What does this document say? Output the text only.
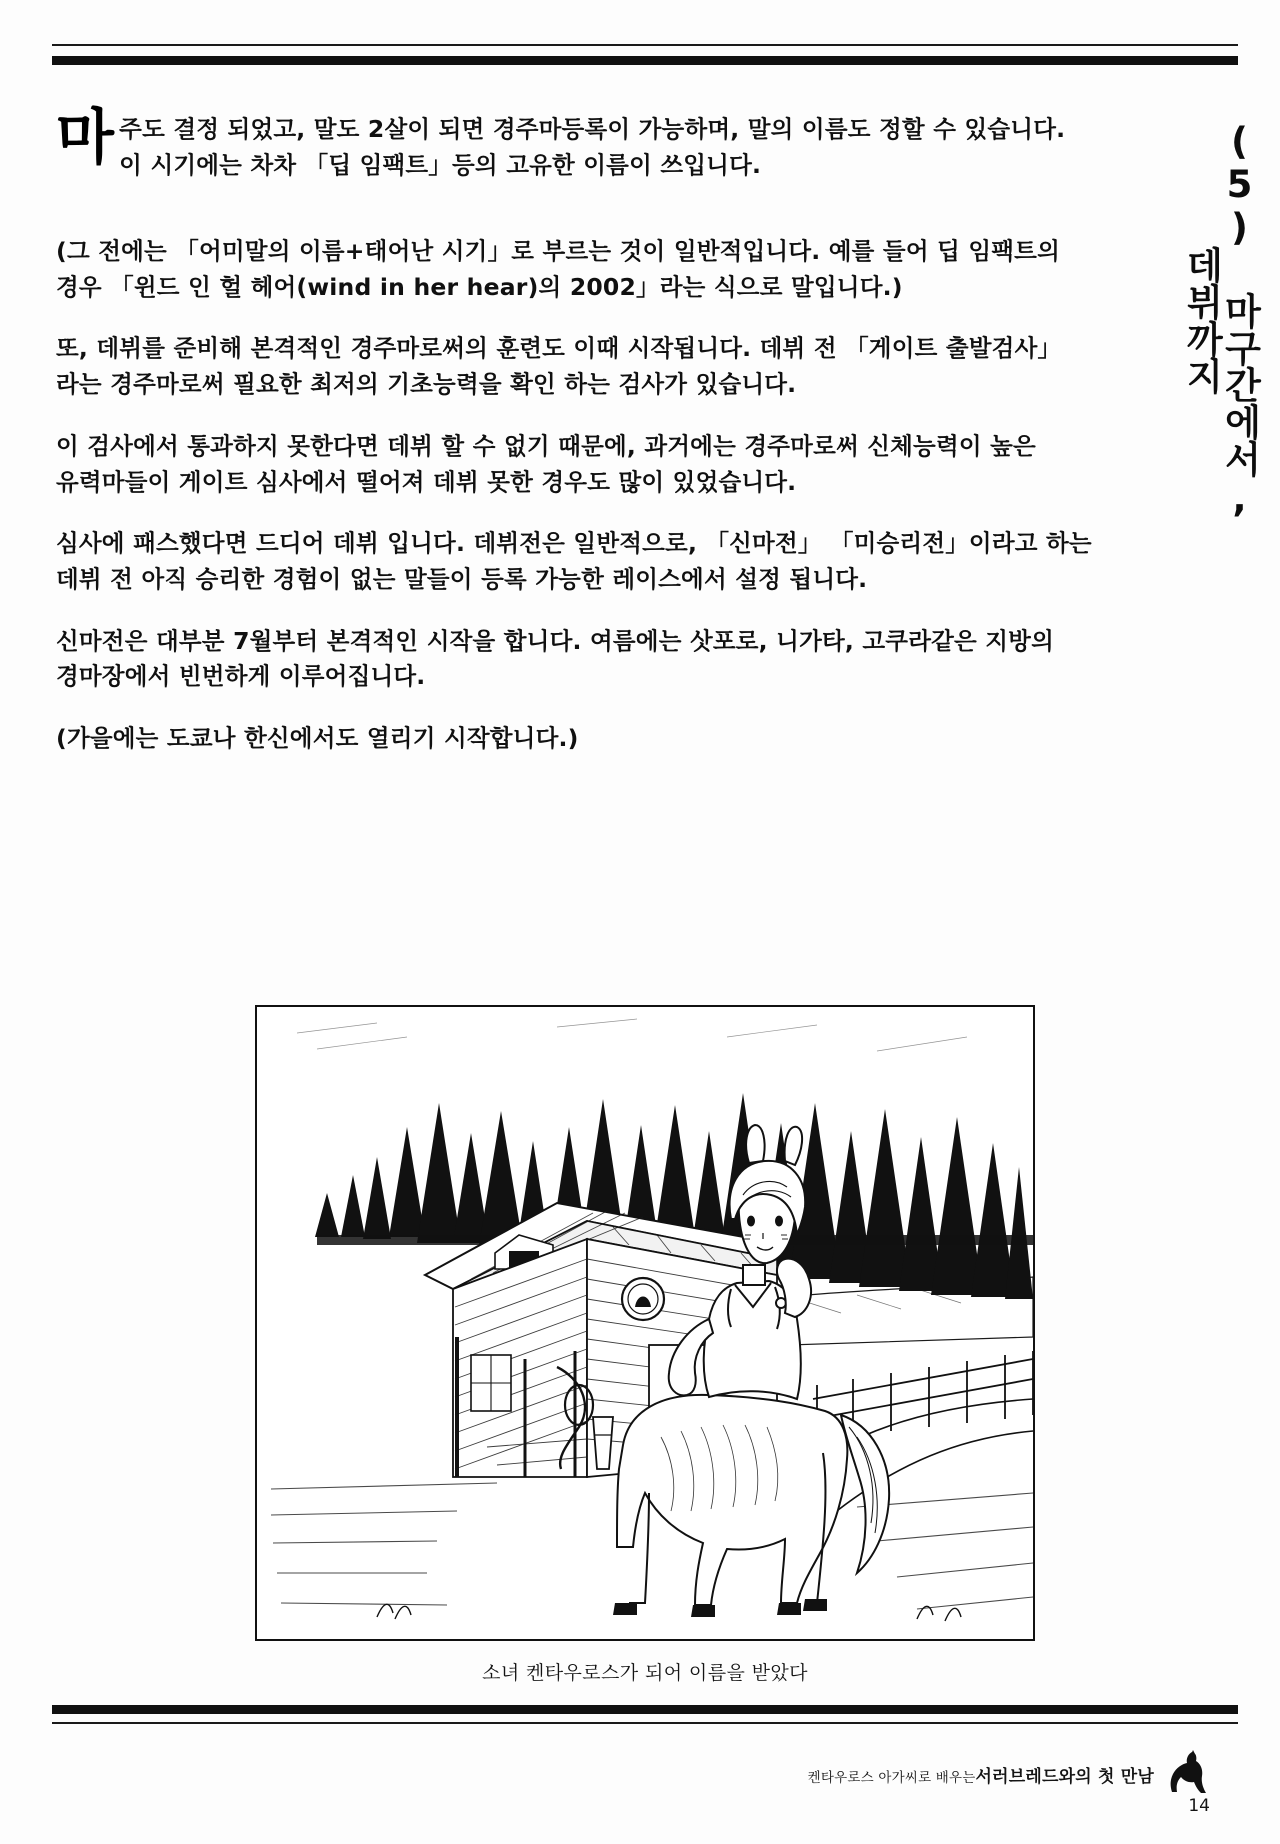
(5) 마구간에서, 데뷔까지

마주도 결정 되었고, 말도 2살이 되면 경주마등록이 가능하며, 말의 이름도 정할 수 있습니다. 이 시기에는 차차 「딥 임팩트」등의 고유한 이름이 쓰입니다.

(그 전에는 「어미말의 이름+태어난 시기」로 부르는 것이 일반적입니다. 예를 들어 딥 임팩트의 경우 「윈드 인 헐 헤어(wind in her hear)의 2002」라는 식으로 말입니다.)

또, 데뷔를 준비해 본격적인 경주마로써의 훈련도 이때 시작됩니다. 데뷔 전 「게이트 출발검사」라는 경주마로써 필요한 최저의 기초능력을 확인 하는 검사가 있습니다.

이 검사에서 통과하지 못한다면 데뷔 할 수 없기 때문에, 과거에는 경주마로써 신체능력이 높은 유력마들이 게이트 심사에서 떨어져 데뷔 못한 경우도 많이 있었습니다.

심사에 패스했다면 드디어 데뷔 입니다. 데뷔전은 일반적으로, 「신마전」 「미승리전」이라고 하는 데뷔 전 아직 승리한 경험이 없는 말들이 등록 가능한 레이스에서 설정 됩니다.

신마전은 대부분 7월부터 본격적인 시작을 합니다. 여름에는 삿포로, 니가타, 고쿠라같은 지방의 경마장에서 빈번하게 이루어집니다.

(가을에는 도쿄나 한신에서도 열리기 시작합니다.)

소녀 켄타우로스가 되어 이름을 받았다
켄타우로스 아가씨로 배우는서러브레드와의 첫 만남
14
